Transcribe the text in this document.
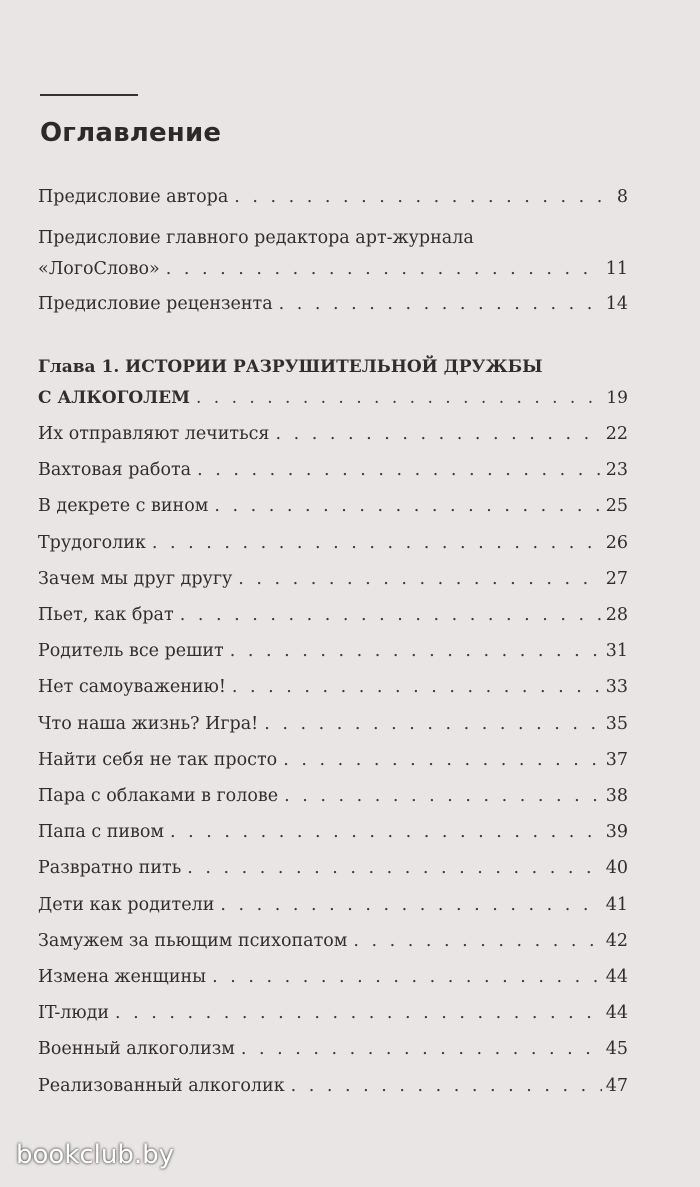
Оглавление
Предисловие автора . . .	8
Предисловие главного редактора арт-журнала
«ЛогоСлово» . . .	11
Предисловие рецензента . . .	14
Глава 1. ИСТОРИИ РАЗРУШИТЕЛЬНОЙ ДРУЖБЫ
С АЛКОГОЛЕМ . . .	19
Их отправляют лечиться . . .	22
Вахтовая работа . . .	23
В декрете с вином . . .	25
Трудоголик . . .	26
Зачем мы друг другу . . .	27
Пьет, как брат . . .	28
Родитель все решит . . .	31
Нет самоуважению! . . .	33
Что наша жизнь? Игра! . . .	35
Найти себя не так просто . . .	37
Пара с облаками в голове . . .	38
Папа с пивом . . .	39
Развратно пить . . .	40
Дети как родители . . .	41
Замужем за пьющим психопатом . . .	42
Измена женщины . . .	44
IT-люди . . .	44
Военный алкоголизм . . .	45
Реализованный алкоголик . . .	47
bookclub.by
